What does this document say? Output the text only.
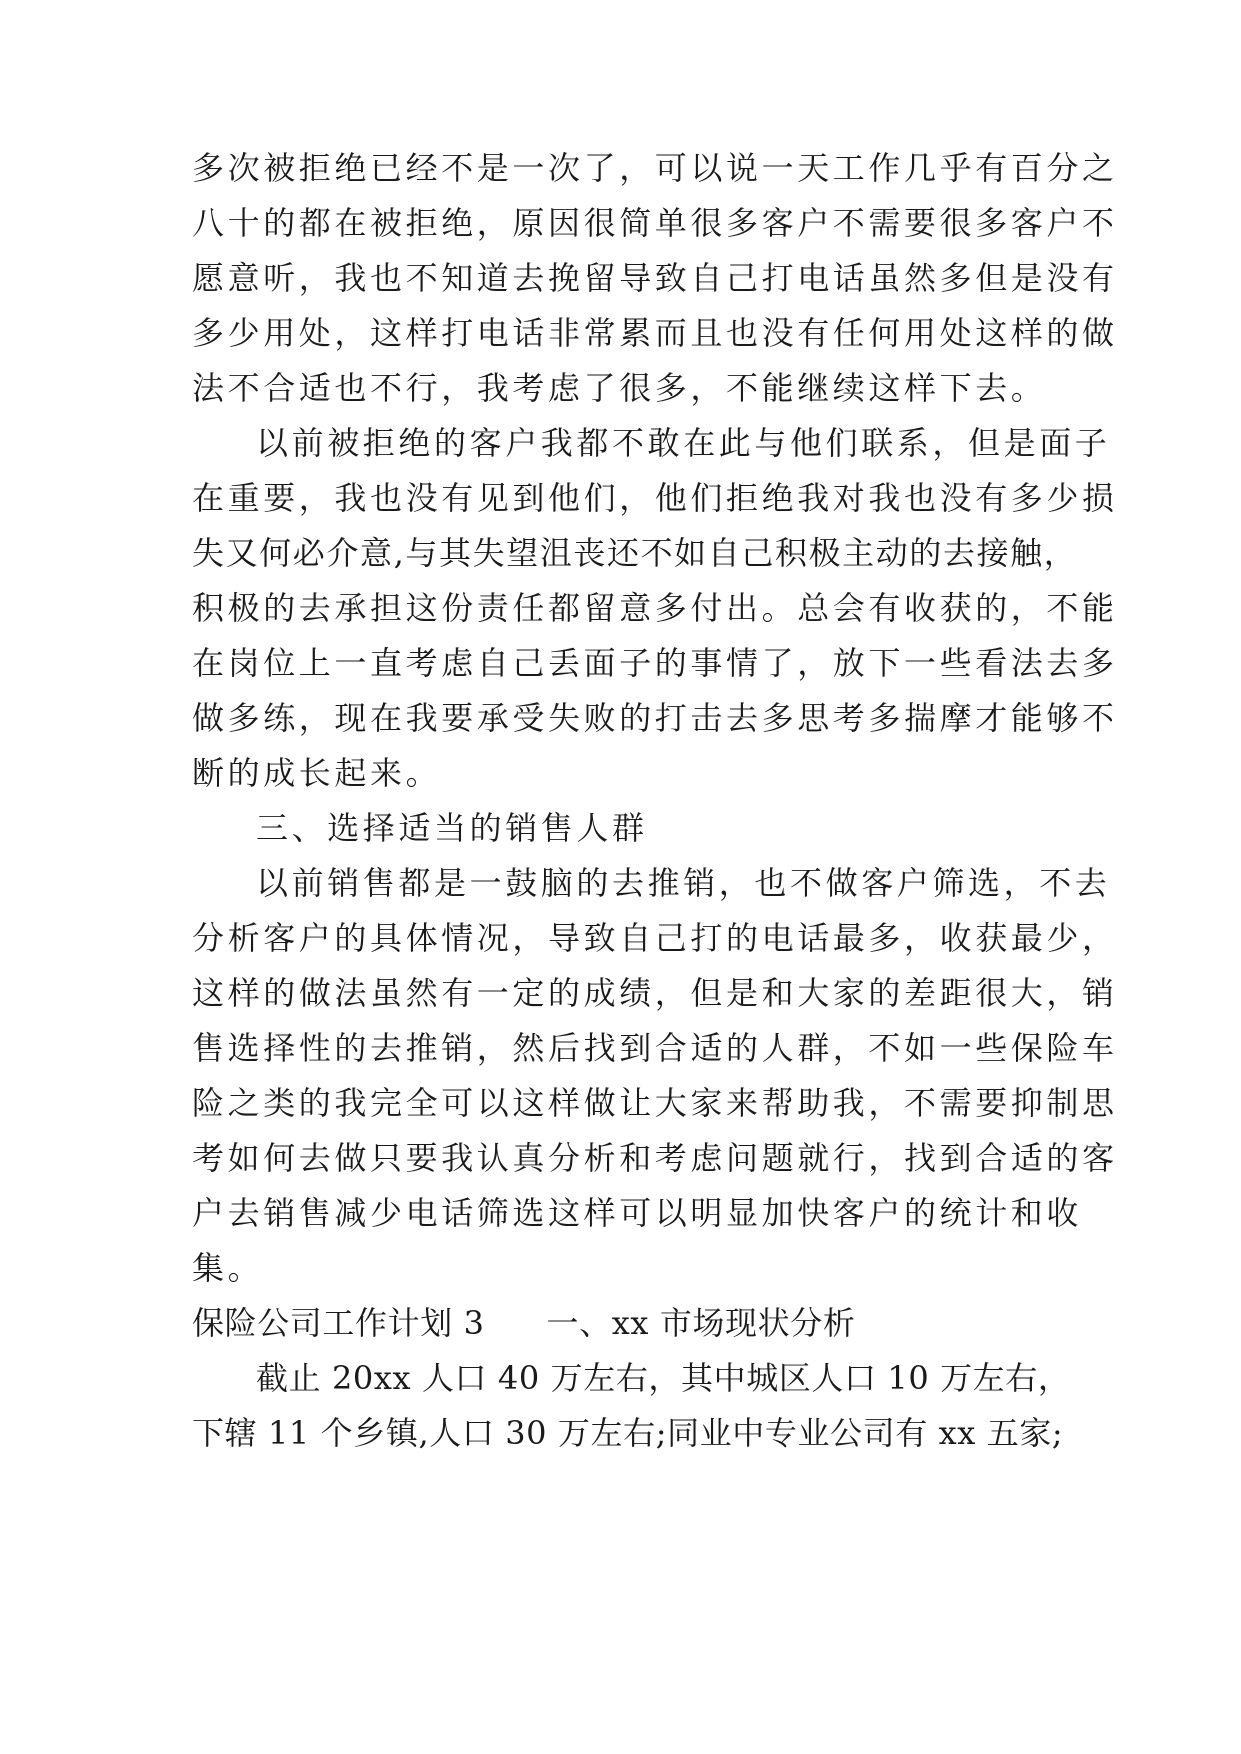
多次被拒绝已经不是一次了，可以说一天工作几乎有百分之
八十的都在被拒绝，原因很简单很多客户不需要很多客户不
愿意听，我也不知道去挽留导致自己打电话虽然多但是没有
多少用处，这样打电话非常累而且也没有任何用处这样的做
法不合适也不行，我考虑了很多，不能继续这样下去。
以前被拒绝的客户我都不敢在此与他们联系，但是面子
在重要，我也没有见到他们，他们拒绝我对我也没有多少损
失又何必介意,与其失望沮丧还不如自己积极主动的去接触，
积极的去承担这份责任都留意多付出。总会有收获的，不能
在岗位上一直考虑自己丢面子的事情了，放下一些看法去多
做多练，现在我要承受失败的打击去多思考多揣摩才能够不
断的成长起来。
三、选择适当的销售人群
以前销售都是一鼓脑的去推销，也不做客户筛选，不去
分析客户的具体情况，导致自己打的电话最多，收获最少，
这样的做法虽然有一定的成绩，但是和大家的差距很大，销
售选择性的去推销，然后找到合适的人群，不如一些保险车
险之类的我完全可以这样做让大家来帮助我，不需要抑制思
考如何去做只要我认真分析和考虑问题就行，找到合适的客
户去销售减少电话筛选这样可以明显加快客户的统计和收
集。
保险公司工作计划 3 一、xx 市场现状分析
截止 20xx 人口 40 万左右，其中城区人口 10 万左右，
下辖 11 个乡镇,人口 30 万左右;同业中专业公司有 xx 五家;
